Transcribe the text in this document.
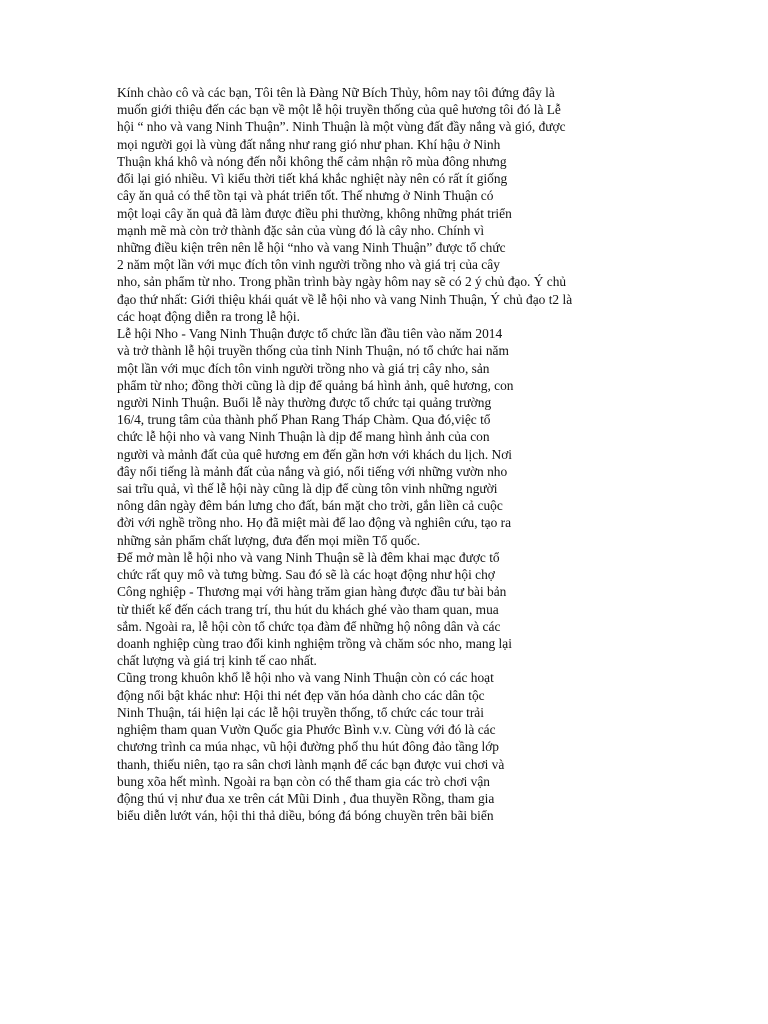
Kính chào cô và các bạn, Tôi tên là Đàng Nữ Bích Thủy, hôm nay tôi đứng đây là
muốn giới thiệu đến các bạn về một lễ hội truyền thống của quê hương tôi đó là Lễ
hội “ nho và vang Ninh Thuận”. Ninh Thuận là một vùng đất đầy nắng và gió, được
mọi người gọi là vùng đất nắng như rang gió như phan. Khí hậu ở Ninh
Thuận khá khô và nóng đến nỗi không thể cảm nhận rõ mùa đông nhưng
đổi lại gió nhiều. Vì kiểu thời tiết khá khắc nghiệt này nên có rất ít giống
cây ăn quả có thể tồn tại và phát triển tốt. Thế nhưng ở Ninh Thuận có
một loại cây ăn quả đã làm được điều phi thường, không những phát triển
mạnh mẽ mà còn trở thành đặc sản của vùng đó là cây nho. Chính vì
những điều kiện trên nên lễ hội “nho và vang Ninh Thuận” được tổ chức
2 năm một lần với mục đích tôn vinh người trồng nho và giá trị của cây
nho, sản phẩm từ nho. Trong phần trình bày ngày hôm nay sẽ có 2 ý chủ đạo. Ý chủ
đạo thứ nhất: Giới thiệu khái quát về lễ hội nho và vang Ninh Thuận, Ý chủ đạo t2 là
các hoạt động diễn ra trong lễ hội.
Lễ hội Nho - Vang Ninh Thuận được tổ chức lần đầu tiên vào năm 2014
và trở thành lễ hội truyền thống của tỉnh Ninh Thuận, nó tổ chức hai năm
một lần với mục đích tôn vinh người trồng nho và giá trị cây nho, sản
phẩm từ nho; đồng thời cũng là dịp để quảng bá hình ảnh, quê hương, con
người Ninh Thuận. Buổi lễ này thường được tổ chức tại quảng trường
16/4, trung tâm của thành phố Phan Rang Tháp Chàm. Qua đó,việc tổ
chức lễ hội nho và vang Ninh Thuận là dịp để mang hình ảnh của con
người và mảnh đất của quê hương em đến gần hơn với khách du lịch. Nơi
đây nổi tiếng là mảnh đất của nắng và gió, nổi tiếng với những vườn nho
sai trĩu quả, vì thế lễ hội này cũng là dịp để cùng tôn vinh những người
nông dân ngày đêm bán lưng cho đất, bán mặt cho trời, gắn liền cả cuộc
đời với nghề trồng nho. Họ đã miệt mài để lao động và nghiên cứu, tạo ra
những sản phẩm chất lượng, đưa đến mọi miền Tổ quốc.
Để mở màn lễ hội nho và vang Ninh Thuận sẽ là đêm khai mạc được tổ
chức rất quy mô và tưng bừng. Sau đó sẽ là các hoạt động như hội chợ
Công nghiệp - Thương mại với hàng trăm gian hàng được đầu tư bài bản
từ thiết kế đến cách trang trí, thu hút du khách ghé vào tham quan, mua
sắm. Ngoài ra, lễ hội còn tổ chức tọa đàm để những hộ nông dân và các
doanh nghiệp cùng trao đổi kinh nghiệm trồng và chăm sóc nho, mang lại
chất lượng và giá trị kinh tế cao nhất.
Cũng trong khuôn khổ lễ hội nho và vang Ninh Thuận còn có các hoạt
động nổi bật khác như: Hội thi nét đẹp văn hóa dành cho các dân tộc
Ninh Thuận, tái hiện lại các lễ hội truyền thống, tổ chức các tour trải
nghiệm tham quan Vườn Quốc gia Phước Bình v.v. Cùng với đó là các
chương trình ca múa nhạc, vũ hội đường phố thu hút đông đảo tầng lớp
thanh, thiếu niên, tạo ra sân chơi lành mạnh để các bạn được vui chơi và
bung xõa hết mình. Ngoài ra bạn còn có thể tham gia các trò chơi vận
động thú vị như đua xe trên cát Mũi Dinh , đua thuyền Rồng, tham gia
biểu diễn lướt ván, hội thi thả diều, bóng đá bóng chuyền trên bãi biển
